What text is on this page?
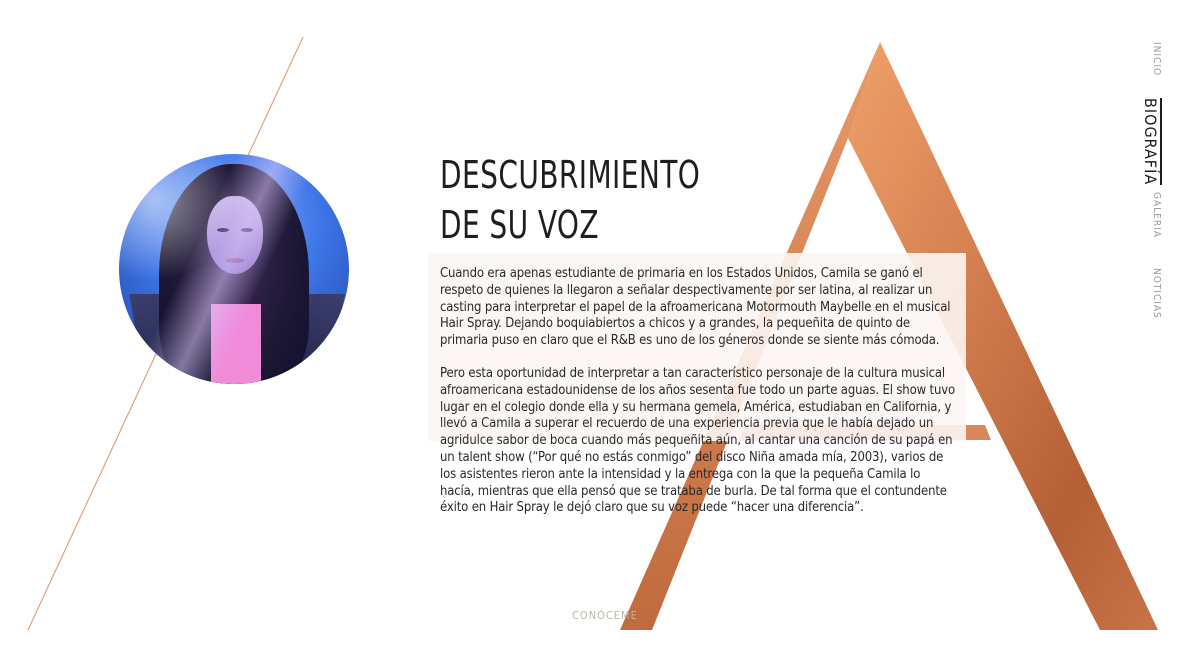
DESCUBRIMIENTO
DE SU VOZ

Cuando era apenas estudiante de primaria en los Estados Unidos, Camila se ganó el respeto de quienes la llegaron a señalar despectivamente por ser latina, al realizar un casting para interpretar el papel de la afroamericana Motormouth Maybelle en el musical Hair Spray. Dejando boquiabiertos a chicos y a grandes, la pequeñita de quinto de primaria puso en claro que el R&B es uno de los géneros donde se siente más cómoda.

Pero esta oportunidad de interpretar a tan característico personaje de la cultura musical afroamericana estadounidense de los años sesenta fue todo un parte aguas. El show tuvo lugar en el colegio donde ella y su hermana gemela, América, estudiaban en California, y llevó a Camila a superar el recuerdo de una experiencia previa que le había dejado un agridulce sabor de boca cuando más pequeñita aún, al cantar una canción de su papá en un talent show (“Por qué no estás conmigo” del disco Niña amada mía, 2003), varios de los asistentes rieron ante la intensidad y la entrega con la que la pequeña Camila lo hacía, mientras que ella pensó que se trataba de burla. De tal forma que el contundente éxito en Hair Spray le dejó claro que su voz puede “hacer una diferencia”.

INICIO
BIOGRAFÍA
GALERIA
NOTICIAS
CONÓCEME
